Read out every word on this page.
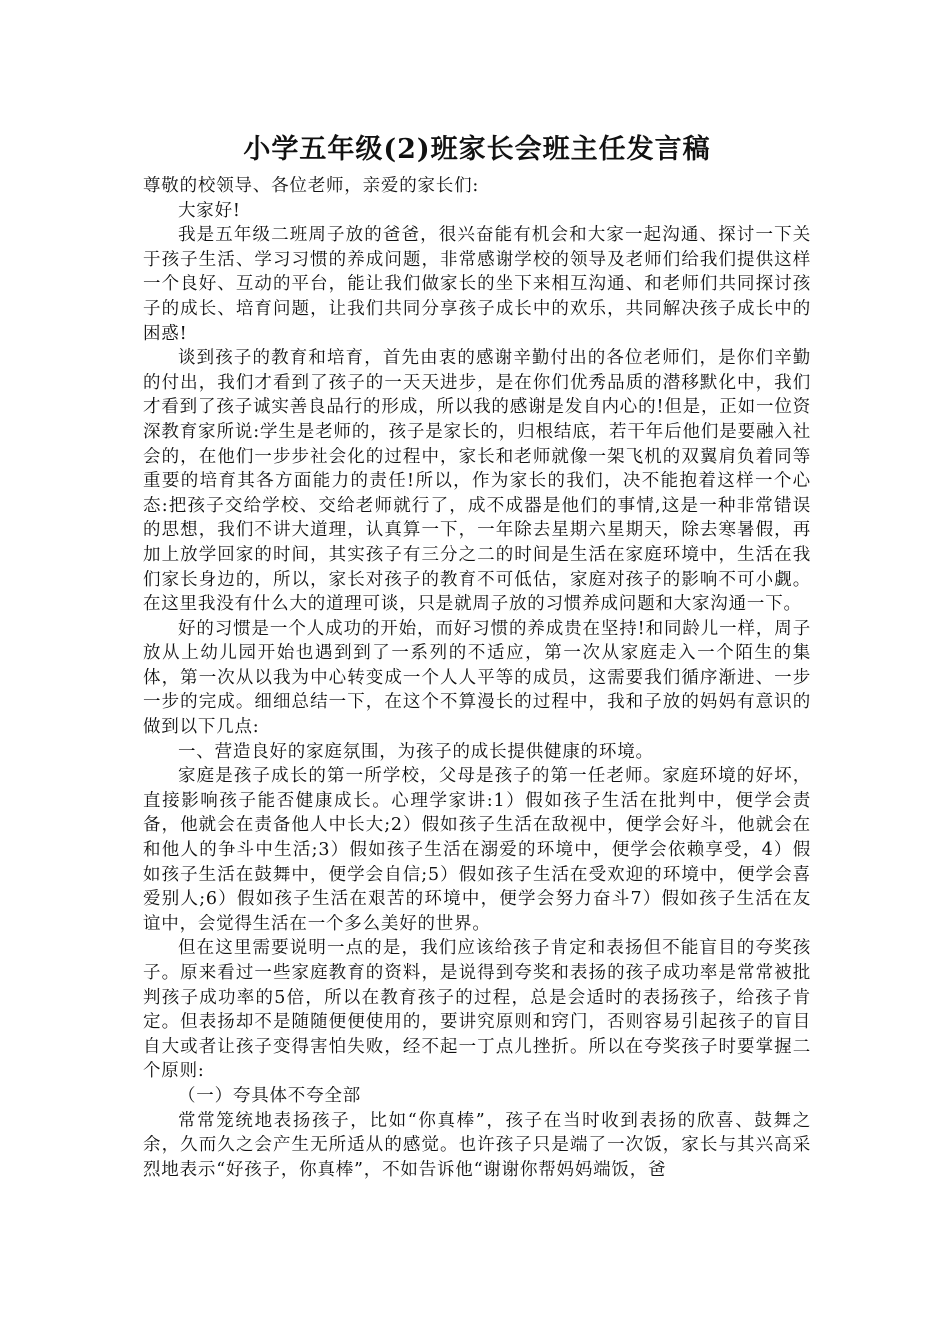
小学五年级(2)班家长会班主任发言稿

尊敬的校领导、各位老师，亲爱的家长们:

大家好!

我是五年级二班周子放的爸爸，很兴奋能有机会和大家一起沟通、探讨一下关于孩子生活、学习习惯的养成问题，非常感谢学校的领导及老师们给我们提供这样一个良好、互动的平台，能让我们做家长的坐下来相互沟通、和老师们共同探讨孩子的成长、培育问题，让我们共同分享孩子成长中的欢乐，共同解决孩子成长中的困惑!

谈到孩子的教育和培育，首先由衷的感谢辛勤付出的各位老师们，是你们辛勤的付出，我们才看到了孩子的一天天进步，是在你们优秀品质的潜移默化中，我们才看到了孩子诚实善良品行的形成，所以我的感谢是发自内心的!但是，正如一位资深教育家所说:学生是老师的，孩子是家长的，归根结底，若干年后他们是要融入社会的，在他们一步步社会化的过程中，家长和老师就像一架飞机的双翼肩负着同等重要的培育其各方面能力的责任!所以，作为家长的我们，决不能抱着这样一个心态:把孩子交给学校、交给老师就行了，成不成器是他们的事情,这是一种非常错误的思想，我们不讲大道理，认真算一下，一年除去星期六星期天，除去寒暑假，再加上放学回家的时间，其实孩子有三分之二的时间是生活在家庭环境中，生活在我们家长身边的，所以，家长对孩子的教育不可低估，家庭对孩子的影响不可小觑。在这里我没有什么大的道理可谈，只是就周子放的习惯养成问题和大家沟通一下。

好的习惯是一个人成功的开始，而好习惯的养成贵在坚持!和同龄儿一样，周子放从上幼儿园开始也遇到到了一系列的不适应，第一次从家庭走入一个陌生的集体，第一次从以我为中心转变成一个人人平等的成员，这需要我们循序渐进、一步一步的完成。细细总结一下，在这个不算漫长的过程中，我和子放的妈妈有意识的做到以下几点:

一、营造良好的家庭氛围，为孩子的成长提供健康的环境。

家庭是孩子成长的第一所学校，父母是孩子的第一任老师。家庭环境的好坏，直接影响孩子能否健康成长。心理学家讲:1）假如孩子生活在批判中，便学会责备，他就会在责备他人中长大;2）假如孩子生活在敌视中，便学会好斗，他就会在和他人的争斗中生活;3）假如孩子生活在溺爱的环境中，便学会依赖享受，4）假如孩子生活在鼓舞中，便学会自信;5）假如孩子生活在受欢迎的环境中，便学会喜爱别人;6）假如孩子生活在艰苦的环境中，便学会努力奋斗7）假如孩子生活在友谊中，会觉得生活在一个多么美好的世界。

但在这里需要说明一点的是，我们应该给孩子肯定和表扬但不能盲目的夸奖孩子。原来看过一些家庭教育的资料，是说得到夸奖和表扬的孩子成功率是常常被批判孩子成功率的5倍，所以在教育孩子的过程，总是会适时的表扬孩子，给孩子肯定。但表扬却不是随随便便使用的，要讲究原则和窍门，否则容易引起孩子的盲目自大或者让孩子变得害怕失败，经不起一丁点儿挫折。所以在夸奖孩子时要掌握二个原则:

（一）夸具体不夸全部

常常笼统地表扬孩子，比如“你真棒”，孩子在当时收到表扬的欣喜、鼓舞之余，久而久之会产生无所适从的感觉。也许孩子只是端了一次饭，家长与其兴高采烈地表示“好孩子，你真棒”，不如告诉他“谢谢你帮妈妈端饭，爸
